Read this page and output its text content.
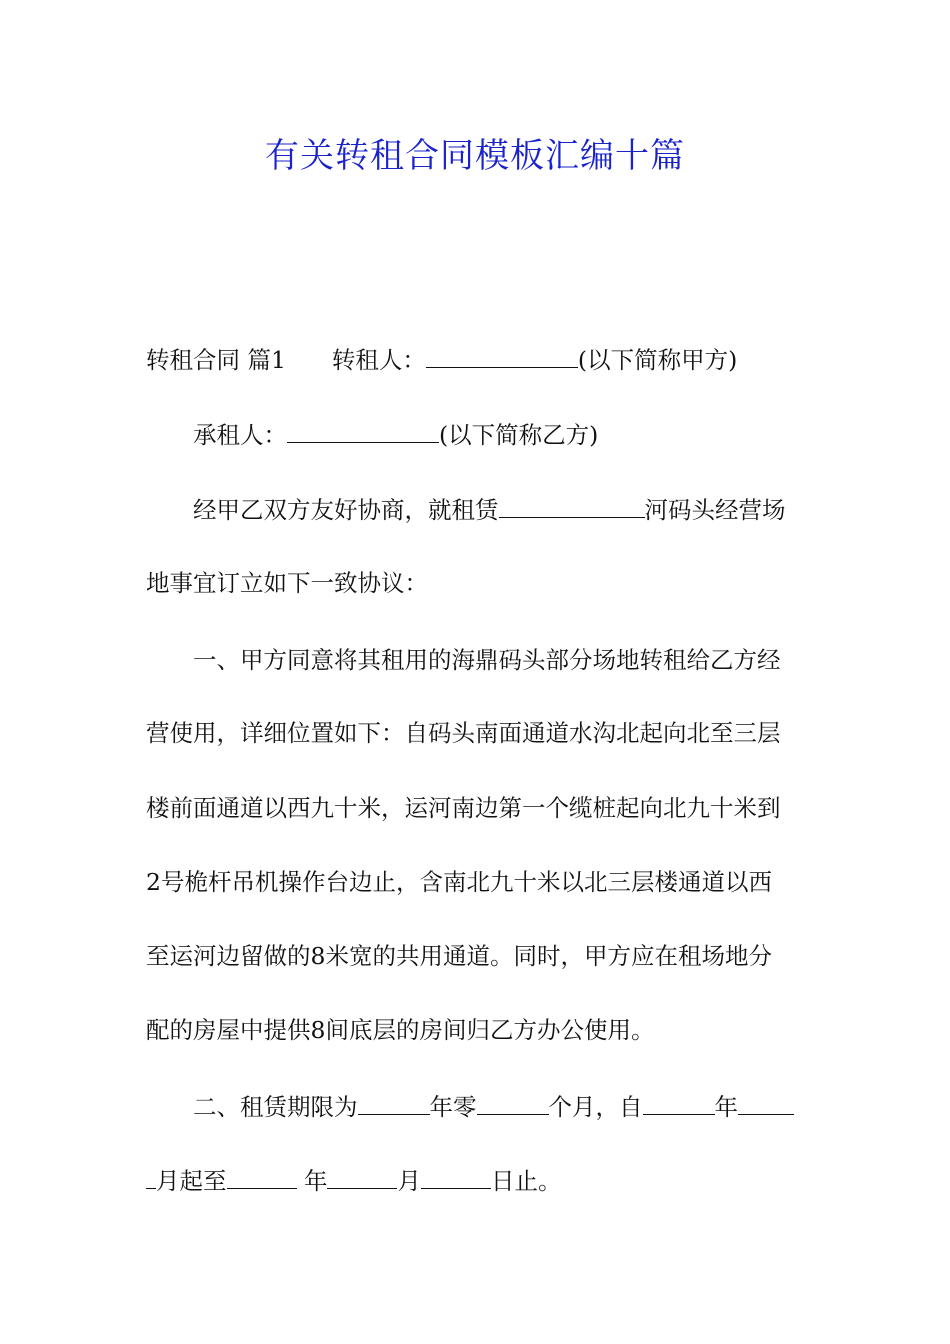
有关转租合同模板汇编十篇

转租合同 篇1 转租人：	(以下简称甲方)

承租人：	(以下简称乙方)

经甲乙双方友好协商，就租赁	河码头经营场

地事宜订立如下一致协议：

一、甲方同意将其租用的海鼎码头部分场地转租给乙方经

营使用，详细位置如下：自码头南面通道水沟北起向北至三层

楼前面通道以西九十米，运河南边第一个缆桩起向北九十米到

2号桅杆吊机操作台边止，含南北九十米以北三层楼通道以西

至运河边留做的8米宽的共用通道。同时，甲方应在租场地分

配的房屋中提供8间底层的房间归乙方办公使用。

二、租赁期限为	年零	个月，自	年

月起至	年	月	日止。
